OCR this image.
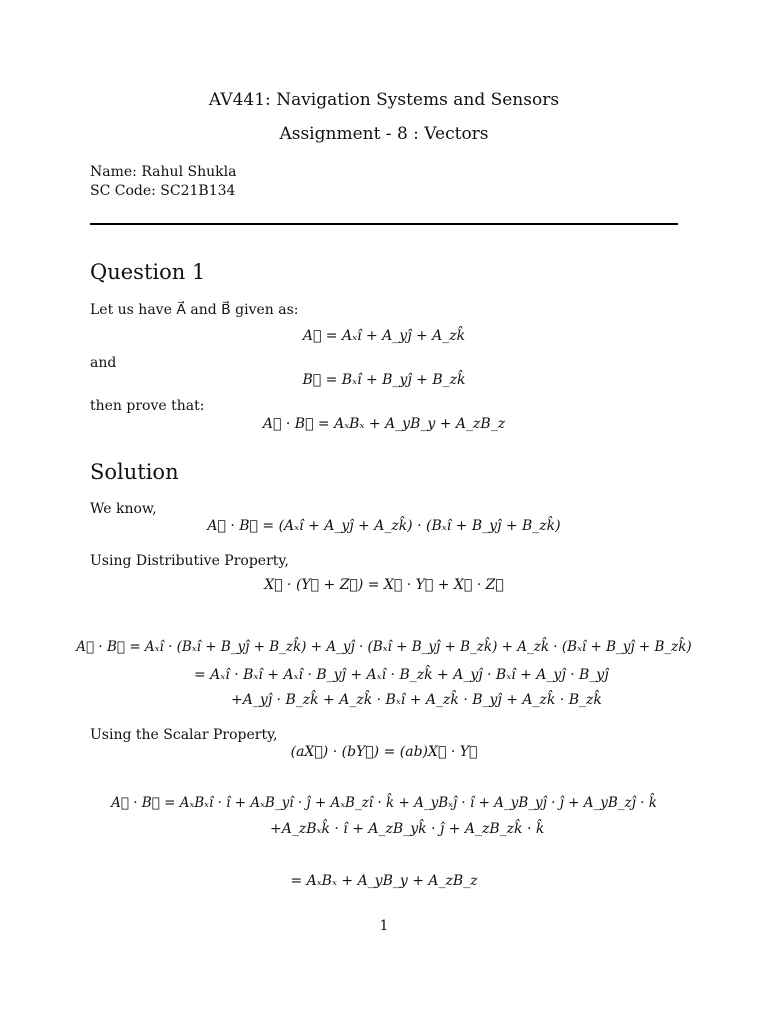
AV441: Navigation Systems and Sensors
Assignment - 8 : Vectors
Name: Rahul Shukla
SC Code: SC21B134
Question 1
Let us have A⃗ and B⃗ given as:
A⃗ = Aₓî + A_yĵ + A_zk̂
and
B⃗ = Bₓî + B_yĵ + B_zk̂
then prove that:
A⃗ · B⃗ = AₓBₓ + A_yB_y + A_zB_z
Solution
We know,
A⃗ · B⃗ = (Aₓî + A_yĵ + A_zk̂) · (Bₓî + B_yĵ + B_zk̂)
Using Distributive Property,
X⃗ · (Y⃗ + Z⃗) = X⃗ · Y⃗ + X⃗ · Z⃗
A⃗ · B⃗ = Aₓî · (Bₓî + B_yĵ + B_zk̂) + A_yĵ · (Bₓî + B_yĵ + B_zk̂) + A_zk̂ · (Bₓî + B_yĵ + B_zk̂)
= Aₓî · Bₓî + Aₓî · B_yĵ + Aₓî · B_zk̂ + A_yĵ · Bₓî + A_yĵ · B_yĵ
+A_yĵ · B_zk̂ + A_zk̂ · Bₓî + A_zk̂ · B_yĵ + A_zk̂ · B_zk̂
Using the Scalar Property,
(aX⃗) · (bY⃗) = (ab)X⃗ · Y⃗
A⃗ · B⃗ = AₓBₓî · î + AₓB_yî · ĵ + AₓB_zî · k̂ + A_yBₓĵ · î + A_yB_yĵ · ĵ + A_yB_zĵ · k̂
+A_zBₓk̂ · î + A_zB_yk̂ · ĵ + A_zB_zk̂ · k̂
= AₓBₓ + A_yB_y + A_zB_z
1
